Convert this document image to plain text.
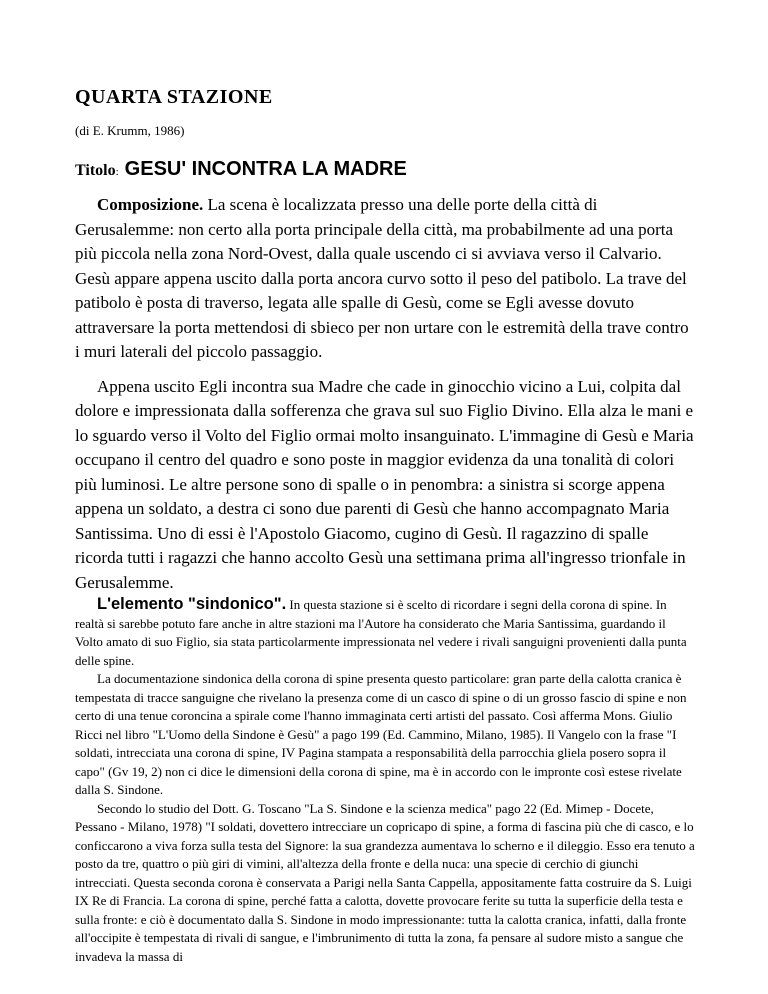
QUARTA STAZIONE
(di E. Krumm, 1986)
Titolo: GESU' INCONTRA LA MADRE

Composizione. La scena è localizzata presso una delle porte della città di Gerusalemme: non certo alla porta principale della città, ma probabilmente ad una porta più piccola nella zona Nord-Ovest, dalla quale uscendo ci si avviava verso il Calvario. Gesù appare appena uscito dalla porta ancora curvo sotto il peso del patibolo. La trave del patibolo è posta di traverso, legata alle spalle di Gesù, come se Egli avesse dovuto attraversare la porta mettendosi di sbieco per non urtare con le estremità della trave contro i muri laterali del piccolo passaggio.

Appena uscito Egli incontra sua Madre che cade in ginocchio vicino a Lui, colpita dal dolore e impressionata dalla sofferenza che grava sul suo Figlio Divino. Ella alza le mani e lo sguardo verso il Volto del Figlio ormai molto insanguinato. L'immagine di Gesù e Maria occupano il centro del quadro e sono poste in maggior evidenza da una tonalità di colori più luminosi. Le altre persone sono di spalle o in penombra: a sinistra si scorge appena appena un soldato, a destra ci sono due parenti di Gesù che hanno accompagnato Maria Santissima. Uno di essi è l'Apostolo Giacomo, cugino di Gesù. Il ragazzino di spalle ricorda tutti i ragazzi che hanno accolto Gesù una settimana prima all'ingresso trionfale in Gerusalemme.

L'elemento "sindonico". In questa stazione si è scelto di ricordare i segni della corona di spine. In realtà si sarebbe potuto fare anche in altre stazioni ma l'Autore ha considerato che Maria Santissima, guardando il Volto amato di suo Figlio, sia stata particolarmente impressionata nel vedere i rivali sanguigni provenienti dalla punta delle spine.

La documentazione sindonica della corona di spine presenta questo particolare: gran parte della calotta cranica è tempestata di tracce sanguigne che rivelano la presenza come di un casco di spine o di un grosso fascio di spine e non certo di una tenue coroncina a spirale come l'hanno immaginata certi artisti del passato. Così afferma Mons. Giulio Ricci nel libro "L'Uomo della Sindone è Gesù" a pago 199 (Ed. Cammino, Milano, 1985). Il Vangelo con la frase "I soldati, intrecciata una corona di spine, IV Pagina stampata a responsabilità della parrocchia gliela posero sopra il capo" (Gv 19, 2) non ci dice le dimensioni della corona di spine, ma è in accordo con le impronte così estese rivelate dalla S. Sindone.

Secondo lo studio del Dott. G. Toscano "La S. Sindone e la scienza medica" pago 22 (Ed. Mimep - Docete, Pessano - Milano, 1978) "I soldati, dovettero intrecciare un copricapo di spine, a forma di fascina più che di casco, e lo conficcarono a viva forza sulla testa del Signore: la sua grandezza aumentava lo scherno e il dileggio. Esso era tenuto a posto da tre, quattro o più giri di vimini, all'altezza della fronte e della nuca: una specie di cerchio di giunchi intrecciati. Questa seconda corona è conservata a Parigi nella Santa Cappella, appositamente fatta costruire da S. Luigi IX Re di Francia. La corona di spine, perché fatta a calotta, dovette provocare ferite su tutta la superficie della testa e sulla fronte: e ciò è documentato dalla S. Sindone in modo impressionante: tutta la calotta cranica, infatti, dalla fronte all'occipite è tempestata di rivali di sangue, e l'imbrunimento di tutta la zona, fa pensare al sudore misto a sangue che invadeva la massa di
